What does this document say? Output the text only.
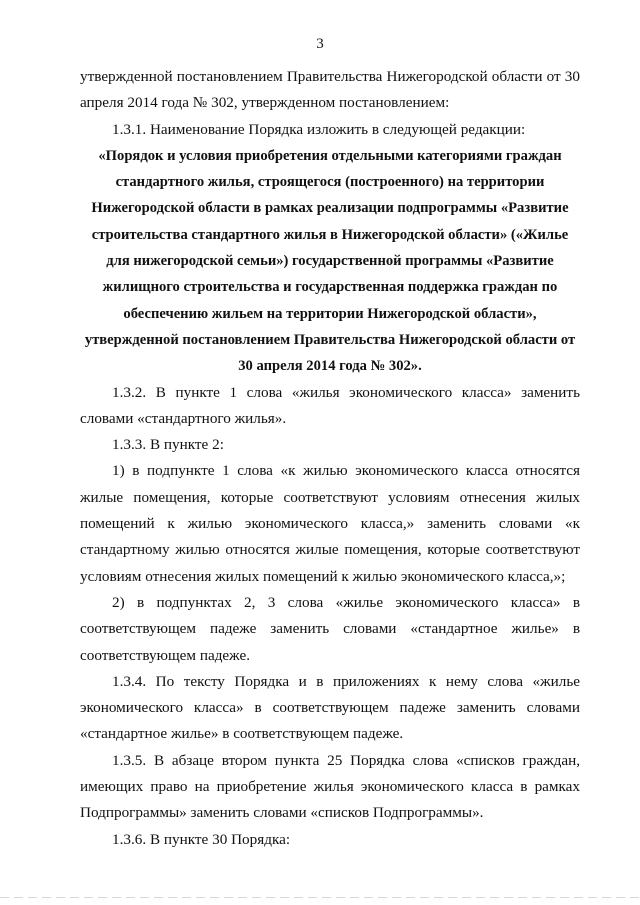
3

утвержденной постановлением Правительства Нижегородской области от 30 апреля 2014 года № 302, утвержденном постановлением:

1.3.1. Наименование Порядка изложить в следующей редакции:

«Порядок и условия приобретения отдельными категориями граждан стандартного жилья, строящегося (построенного) на территории Нижегородской области в рамках реализации подпрограммы «Развитие строительства стандартного жилья в Нижегородской области» («Жилье для нижегородской семьи») государственной программы «Развитие жилищного строительства и государственная поддержка граждан по обеспечению жильем на территории Нижегородской области», утвержденной постановлением Правительства Нижегородской области от 30 апреля 2014 года № 302».

1.3.2. В пункте 1 слова «жилья экономического класса» заменить словами «стандартного жилья».

1.3.3. В пункте 2:

1) в подпункте 1 слова «к жилью экономического класса относятся жилые помещения, которые соответствуют условиям отнесения жилых помещений к жилью экономического класса,» заменить словами «к стандартному жилью относятся жилые помещения, которые соответствуют условиям отнесения жилых помещений к жилью экономического класса,»;

2) в подпунктах 2, 3 слова «жилье экономического класса» в соответствующем падеже заменить словами «стандартное жилье» в соответствующем падеже.

1.3.4. По тексту Порядка и в приложениях к нему слова «жилье экономического класса» в соответствующем падеже заменить словами «стандартное жилье» в соответствующем падеже.

1.3.5. В абзаце втором пункта 25 Порядка слова «списков граждан, имеющих право на приобретение жилья экономического класса в рамках Подпрограммы» заменить словами «списков Подпрограммы».

1.3.6. В пункте 30 Порядка:
